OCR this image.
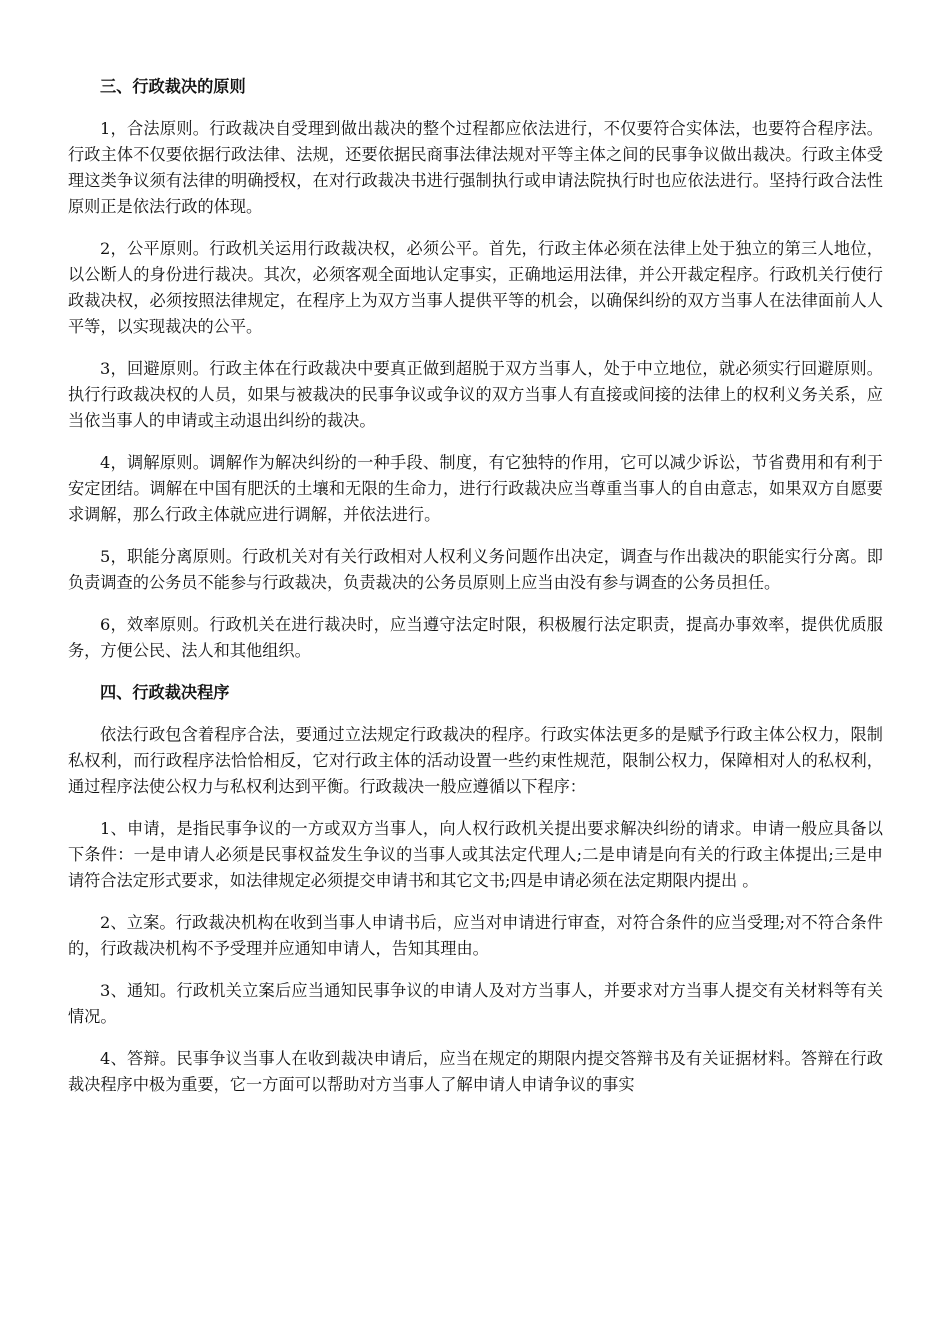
三、行政裁决的原则

1，合法原则。行政裁决自受理到做出裁决的整个过程都应依法进行，不仅要符合实体法，也要符合程序法。行政主体不仅要依据行政法律、法规，还要依据民商事法律法规对平等主体之间的民事争议做出裁决。行政主体受理这类争议须有法律的明确授权，在对行政裁决书进行强制执行或申请法院执行时也应依法进行。坚持行政合法性原则正是依法行政的体现。

2，公平原则。行政机关运用行政裁决权，必须公平。首先，行政主体必须在法律上处于独立的第三人地位，以公断人的身份进行裁决。其次，必须客观全面地认定事实，正确地运用法律，并公开裁定程序。行政机关行使行政裁决权，必须按照法律规定，在程序上为双方当事人提供平等的机会，以确保纠纷的双方当事人在法律面前人人平等，以实现裁决的公平。

3，回避原则。行政主体在行政裁决中要真正做到超脱于双方当事人，处于中立地位，就必须实行回避原则。执行行政裁决权的人员，如果与被裁决的民事争议或争议的双方当事人有直接或间接的法律上的权利义务关系，应当依当事人的申请或主动退出纠纷的裁决。

4，调解原则。调解作为解决纠纷的一种手段、制度，有它独特的作用，它可以减少诉讼，节省费用和有利于安定团结。调解在中国有肥沃的土壤和无限的生命力，进行行政裁决应当尊重当事人的自由意志，如果双方自愿要求调解，那么行政主体就应进行调解，并依法进行。

5，职能分离原则。行政机关对有关行政相对人权利义务问题作出决定，调查与作出裁决的职能实行分离。即负责调查的公务员不能参与行政裁决，负责裁决的公务员原则上应当由没有参与调查的公务员担任。

6，效率原则。行政机关在进行裁决时，应当遵守法定时限，积极履行法定职责，提高办事效率，提供优质服务，方便公民、法人和其他组织。

四、行政裁决程序

依法行政包含着程序合法，要通过立法规定行政裁决的程序。行政实体法更多的是赋予行政主体公权力，限制私权利，而行政程序法恰恰相反，它对行政主体的活动设置一些约束性规范，限制公权力，保障相对人的私权利，通过程序法使公权力与私权利达到平衡。行政裁决一般应遵循以下程序：

1、申请，是指民事争议的一方或双方当事人，向人权行政机关提出要求解决纠纷的请求。申请一般应具备以下条件：一是申请人必须是民事权益发生争议的当事人或其法定代理人;二是申请是向有关的行政主体提出;三是申请符合法定形式要求，如法律规定必须提交申请书和其它文书;四是申请必须在法定期限内提出 。

2、立案。行政裁决机构在收到当事人申请书后，应当对申请进行审查，对符合条件的应当受理;对不符合条件的，行政裁决机构不予受理并应通知申请人，告知其理由。

3、通知。行政机关立案后应当通知民事争议的申请人及对方当事人，并要求对方当事人提交有关材料等有关情况。

4、答辩。民事争议当事人在收到裁决申请后，应当在规定的期限内提交答辩书及有关证据材料。答辩在行政裁决程序中极为重要，它一方面可以帮助对方当事人了解申请人申请争议的事实
